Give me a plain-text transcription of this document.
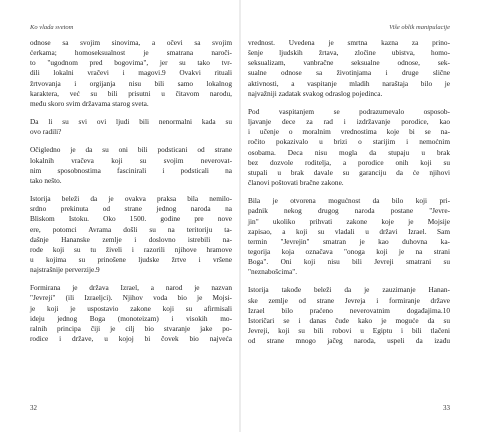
Ko vlada svetom

odnose sa svojim sinovima, a očevi sa svojim
ćerkama; homoseksualnost je smatrana naroči-
to "ugodnom pred bogovima", jer su tako tvr-
dili lokalni vračevi i magovi.9 Ovakvi rituali
žrtvovanja i orgijanja nisu bili samo lokalnog
karaktera, već su bili prisutni u čitavom narodu,
među skoro svim državama starog sveta.

Da li su svi ovi ljudi bili nenormalni kada su
ovo radili?

Očigledno je da su oni bili podsticani od strane
lokalnih vračeva koji su svojim neverovat-
nim sposobnostima fascinirali i podsticali na
tako nešto.

Istorija beleži da je ovakva praksa bila nemilo-
srdno prekinuta od strane jednog naroda na
Bliskom Istoku. Oko 1500. godine pre nove
ere, potomci Avrama došli su na teritoriju ta-
dašnje Hananske zemlje i doslovno istrebili na-
rode koji su tu živeli i razorili njihove hramove
u kojima su prinošene ljudske žrtve i vršene
najstrašnije perverzije.9

Formirana je država Izrael, a narod je nazvan
"Jevreji" (ili Izraeljci). Njihov voda bio je Mojsi-
je koji je uspostavio zakone koji su afirmisali
ideju jednog Boga (monoteizam) i visokih mo-
ralnih principa čiji je cilj bio stvaranje jake po-
rodice i države, u kojoj bi čovek bio najveća

32
Više oblik manipulacije

vrednost. Uvedena je smrtna kazna za prino-
šenje ljudskih žrtava, zločine ubistva, homo-
seksualizam, vanbračne seksualne odnose, sek-
sualne odnose sa životinjama i druge slične
aktivnosti, a vaspitanje mladih naraštaja bilo je
najvažniji zadatak svakog odraslog pojedinca.

Pod vaspitanjem se podrazumevalo osposob-
ljavanje dece za rad i izdržavanje porodice, kao
i učenje o moralnim vrednostima koje bi se na-
ročito pokazivalo u brizi o starijim i nemoćnim
osobama. Deca nisu mogla da stupaju u brak
bez dozvole roditelja, a porodice onih koji su
stupali u brak davale su garanciju da će njihovi
članovi poštovati bračne zakone.

Bila je otvorena mogućnost da bilo koji pri-
padnik nekog drugog naroda postane "Jevre-
jin" ukoliko prihvati zakone koje je Mojsije
zapisao, a koji su vladali u državi Izrael. Sam
termin "Jevrejin" smatran je kao duhovna ka-
tegorija koja označava "onoga koji je na strani
Boga". Oni koji nisu bili Jevreji smatrani su
"neznabošcima".

Istorija takođe beleži da je zauzimanje Hanan-
ske zemlje od strane Jevreja i formiranje države
Izrael bilo praćeno neverovatnim događajima.10
Istoričari se i danas čude kako je moguće da su
Jevreji, koji su bili robovi u Egiptu i bili tlačeni
od strane mnogo jačeg naroda, uspeli da izađu

33
